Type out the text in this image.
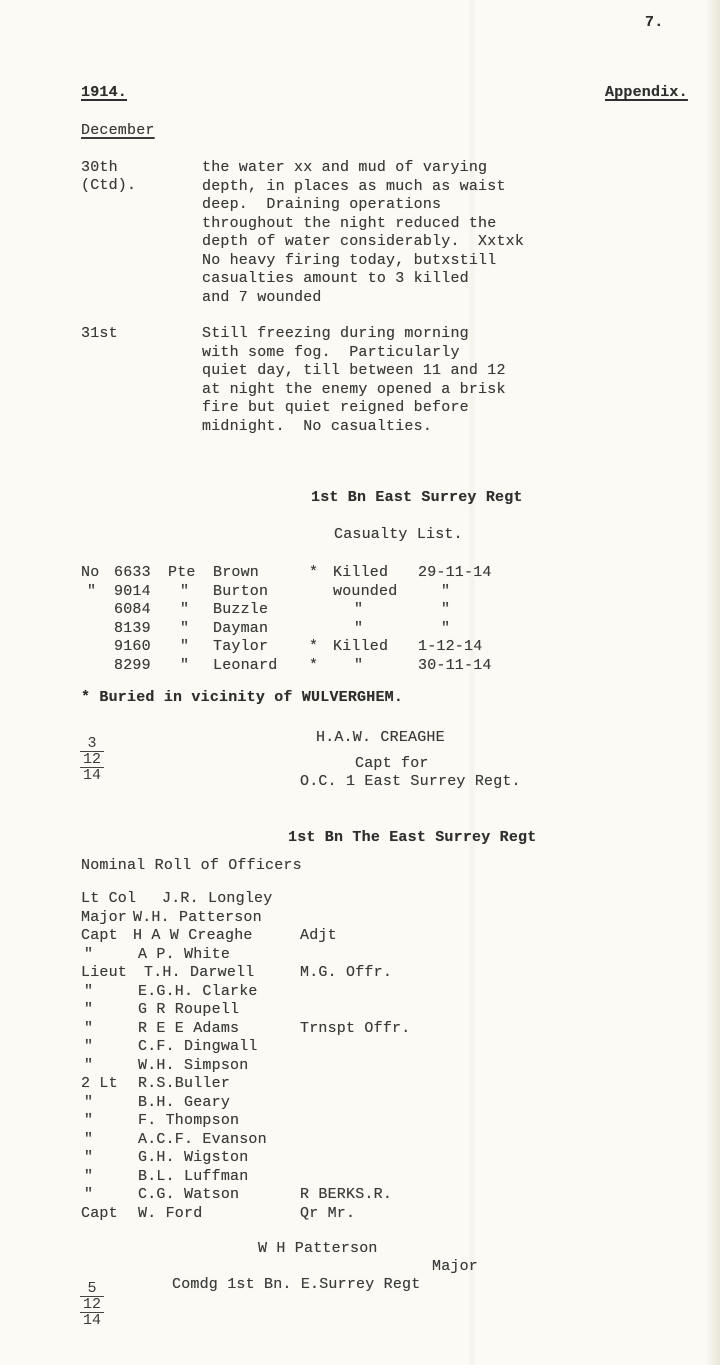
7.
1914.	Appendix.
December
30th
(Ctd).
the water xx and mud of varying
depth, in places as much as waist
deep.  Draining operations
throughout the night reduced the
depth of water considerably.  Xxtxk
No heavy firing today, butxstill
casualties amount to 3 killed
and 7 wounded
31st	Still freezing during morning
with some fog.  Particularly
quiet day, till between 11 and 12
at night the enemy opened a brisk
fire but quiet reigned before
midnight.  No casualties.
1st Bn East Surrey Regt
Casualty List.
No 6633 Pte Brown	* Killed 29-11-14
" 9014 " Burton	wounded	"
6084 " Buzzle	"	"
8139 " Dayman	"	"
9160 " Taylor	* Killed 1-12-14
8299 " Leonard * "	30-11-14
* Buried in vicinity of WULVERGHEM.
3
12
14
H.A.W. CREAGHE
Capt for
O.C. 1 East Surrey Regt.
1st Bn The East Surrey Regt
Nominal Roll of Officers
Lt Col J.R. Longley
Major W.H. Patterson
Capt H A W Creaghe	Adjt
"	A P. White
Lieut T.H. Darwell	M.G. Offr.
"	E.G.H. Clarke
"	G R Roupell
"	R E E Adams	Trnspt Offr.
"	C.F. Dingwall
"	W.H. Simpson
2 Lt R.S.Buller
"	B.H. Geary
"	F. Thompson
"	A.C.F. Evanson
"	G.H. Wigston
"	B.L. Luffman
"	C.G. Watson	R BERKS.R.
Capt W. Ford	Qr Mr.
W H Patterson
Major
Comdg 1st Bn. E.Surrey Regt
5
12
14
